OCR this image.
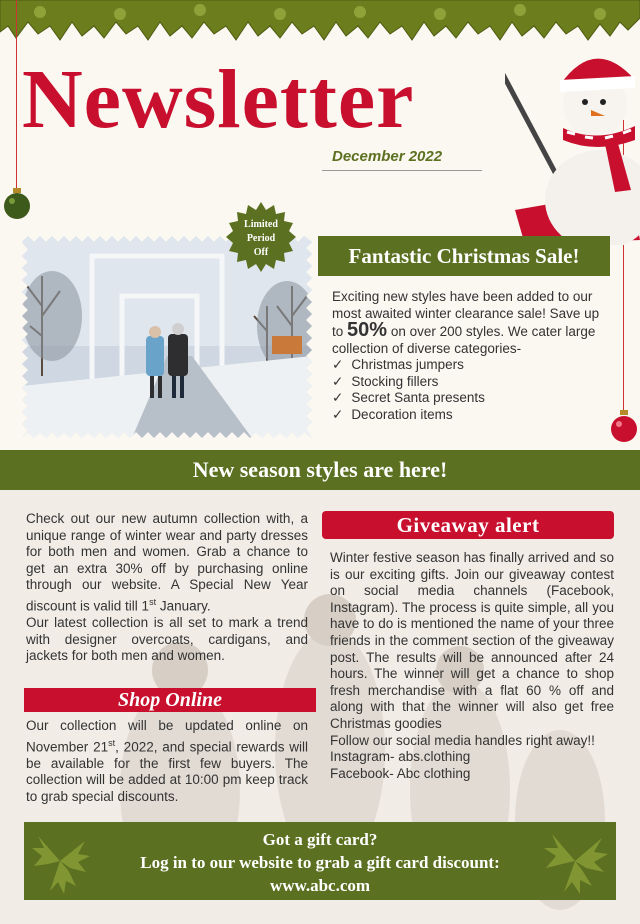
Newsletter
December 2022
Limited
Period
Off	Fantastic Christmas Sale!
Exciting new styles have been added to our most awaited winter clearance sale! Save up to 50% on over 200 styles. We cater large collection of diverse categories-
✓ Christmas jumpers
✓ Stocking fillers
✓ Secret Santa presents
✓ Decoration items
New season styles are here!
Check out our new autumn collection with, a unique range of winter wear and party dresses for both men and women. Grab a chance to get an extra 30% off by purchasing online through our website. A Special New Year discount is valid till 1st January.
Our latest collection is all set to mark a trend with designer overcoats, cardigans, and jackets for both men and women.
Shop Online
Our collection will be updated online on November 21st, 2022, and special rewards will be available for the first few buyers. The collection will be added at 10:00 pm keep track to grab special discounts.
Giveaway alert
Winter festive season has finally arrived and so is our exciting gifts. Join our giveaway contest on social media channels (Facebook, Instagram). The process is quite simple, all you have to do is mentioned the name of your three friends in the comment section of the giveaway post. The results will be announced after 24 hours. The winner will get a chance to shop fresh merchandise with a flat 60 % off and along with that the winner will also get free Christmas goodies
Follow our social media handles right away!!
Instagram- abs.clothing
Facebook- Abc clothing
Got a gift card?
Log in to our website to grab a gift card discount:
www.abc.com
